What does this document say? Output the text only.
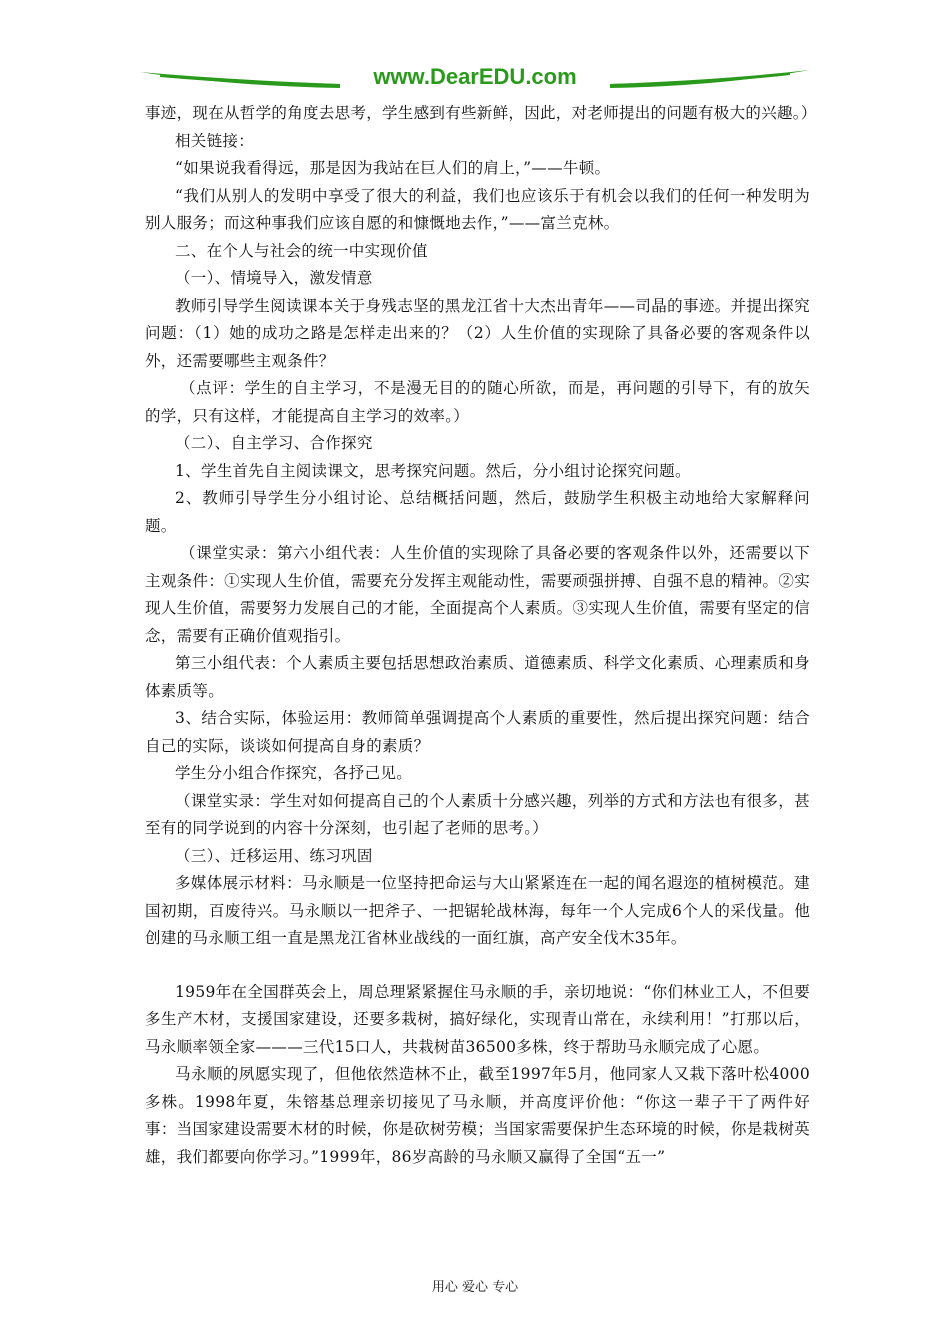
www.DearEDU.com

事迹，现在从哲学的角度去思考，学生感到有些新鲜，因此，对老师提出的问题有极大的兴趣。）

相关链接：

“如果说我看得远，那是因为我站在巨人们的肩上，”——牛顿。

“我们从别人的发明中享受了很大的利益，我们也应该乐于有机会以我们的任何一种发明为别人服务；而这种事我们应该自愿的和慷慨地去作，”——富兰克林。

二、在个人与社会的统一中实现价值

（一）、情境导入，激发情意

教师引导学生阅读课本关于身残志坚的黑龙江省十大杰出青年——司晶的事迹。并提出探究问题：（1）她的成功之路是怎样走出来的？（2）人生价值的实现除了具备必要的客观条件以外，还需要哪些主观条件？

（点评：学生的自主学习，不是漫无目的的随心所欲，而是，再问题的引导下，有的放矢的学，只有这样，才能提高自主学习的效率。）

（二）、自主学习、合作探究

1、学生首先自主阅读课文，思考探究问题。然后，分小组讨论探究问题。

2、教师引导学生分小组讨论、总结概括问题，然后，鼓励学生积极主动地给大家解释问题。

（课堂实录：第六小组代表：人生价值的实现除了具备必要的客观条件以外，还需要以下主观条件：①实现人生价值，需要充分发挥主观能动性，需要顽强拼搏、自强不息的精神。②实现人生价值，需要努力发展自己的才能，全面提高个人素质。③实现人生价值，需要有坚定的信念，需要有正确价值观指引。

第三小组代表：个人素质主要包括思想政治素质、道德素质、科学文化素质、心理素质和身体素质等。

3、结合实际，体验运用：教师简单强调提高个人素质的重要性，然后提出探究问题：结合自己的实际，谈谈如何提高自身的素质？

学生分小组合作探究，各抒己见。

（课堂实录：学生对如何提高自己的个人素质十分感兴趣，列举的方式和方法也有很多，甚至有的同学说到的内容十分深刻，也引起了老师的思考。）

（三）、迁移运用、练习巩固

多媒体展示材料：马永顺是一位坚持把命运与大山紧紧连在一起的闻名遐迩的植树模范。建国初期，百废待兴。马永顺以一把斧子、一把锯轮战林海，每年一个人完成6个人的采伐量。他创建的马永顺工组一直是黑龙江省林业战线的一面红旗，高产安全伐木35年。

1959年在全国群英会上，周总理紧紧握住马永顺的手，亲切地说：“你们林业工人，不但要多生产木材，支援国家建设，还要多栽树，搞好绿化，实现青山常在，永续利用！”打那以后，马永顺率领全家———三代15口人，共栽树苗36500多株，终于帮助马永顺完成了心愿。

马永顺的夙愿实现了，但他依然造林不止，截至1997年5月，他同家人又栽下落叶松4000多株。1998年夏，朱镕基总理亲切接见了马永顺，并高度评价他：“你这一辈子干了两件好事：当国家建设需要木材的时候，你是砍树劳模；当国家需要保护生态环境的时候，你是栽树英雄，我们都要向你学习。”1999年，86岁高龄的马永顺又赢得了全国“五一”

用心 爱心 专心
